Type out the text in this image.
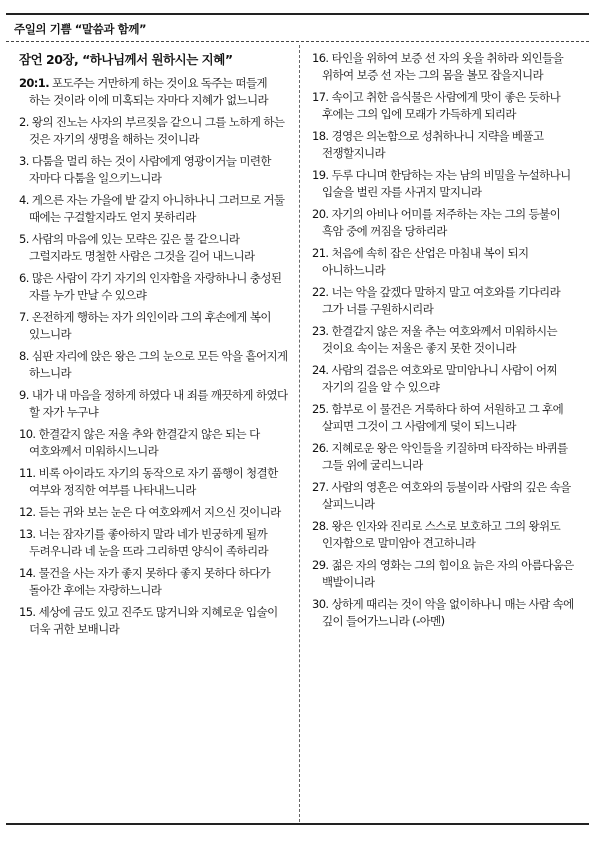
주일의 기쁨 “말씀과 함께”
잠언 20장, “하나님께서 원하시는 지혜”
20:1. 포도주는 거만하게 하는 것이요 독주는 떠들게 하는 것이라 이에 미혹되는 자마다 지혜가 없느니라
2. 왕의 진노는 사자의 부르짖음 같으니 그를 노하게 하는 것은 자기의 생명을 해하는 것이니라
3. 다툼을 멀리 하는 것이 사람에게 영광이거늘 미련한 자마다 다툼을 일으키느니라
4. 게으른 자는 가을에 밭 갈지 아니하나니 그러므로 거둘 때에는 구걸할지라도 얻지 못하리라
5. 사람의 마음에 있는 모략은 깊은 물 같으니라 그럴지라도 명철한 사람은 그것을 길어 내느니라
6. 많은 사람이 각기 자기의 인자함을 자랑하나니 충성된 자를 누가 만날 수 있으랴
7. 온전하게 행하는 자가 의인이라 그의 후손에게 복이 있느니라
8. 심판 자리에 앉은 왕은 그의 눈으로 모든 악을 흩어지게 하느니라
9. 내가 내 마음을 정하게 하였다 내 죄를 깨끗하게 하였다 할 자가 누구냐
10. 한결같지 않은 저울 추와 한결같지 않은 되는 다 여호와께서 미워하시느니라
11. 비록 아이라도 자기의 동작으로 자기 품행이 청결한 여부와 정직한 여부를 나타내느니라
12. 듣는 귀와 보는 눈은 다 여호와께서 지으신 것이니라
13. 너는 잠자기를 좋아하지 말라 네가 빈궁하게 될까 두려우니라 네 눈을 뜨라 그리하면 양식이 족하리라
14. 물건을 사는 자가 좋지 못하다 좋지 못하다 하다가 돌아간 후에는 자랑하느니라
15. 세상에 금도 있고 진주도 많거니와 지혜로운 입술이 더욱 귀한 보배니라
16. 타인을 위하여 보증 선 자의 옷을 취하라 외인들을 위하여 보증 선 자는 그의 몸을 볼모 잡을지니라
17. 속이고 취한 음식물은 사람에게 맛이 좋은 듯하나 후에는 그의 입에 모래가 가득하게 되리라
18. 경영은 의논함으로 성취하나니 지략을 베풀고 전쟁할지니라
19. 두루 다니며 한담하는 자는 남의 비밀을 누설하나니 입술을 벌린 자를 사귀지 말지니라
20. 자기의 아비나 어미를 저주하는 자는 그의 등불이 흑암 중에 꺼짐을 당하리라
21. 처음에 속히 잡은 산업은 마침내 복이 되지 아니하느니라
22. 너는 악을 갚겠다 말하지 말고 여호와를 기다리라 그가 너를 구원하시리라
23. 한결같지 않은 저울 추는 여호와께서 미워하시는 것이요 속이는 저울은 좋지 못한 것이니라
24. 사람의 걸음은 여호와로 말미암나니 사람이 어찌 자기의 길을 알 수 있으랴
25. 함부로 이 물건은 거룩하다 하여 서원하고 그 후에 살피면 그것이 그 사람에게 덫이 되느니라
26. 지혜로운 왕은 악인들을 키질하며 타작하는 바퀴를 그들 위에 굴리느니라
27. 사람의 영혼은 여호와의 등불이라 사람의 깊은 속을 살피느니라
28. 왕은 인자와 진리로 스스로 보호하고 그의 왕위도 인자함으로 말미암아 견고하니라
29. 젊은 자의 영화는 그의 힘이요 늙은 자의 아름다움은 백발이니라
30. 상하게 때리는 것이 악을 없이하나니 매는 사람 속에 깊이 들어가느니라 (-아멘)
